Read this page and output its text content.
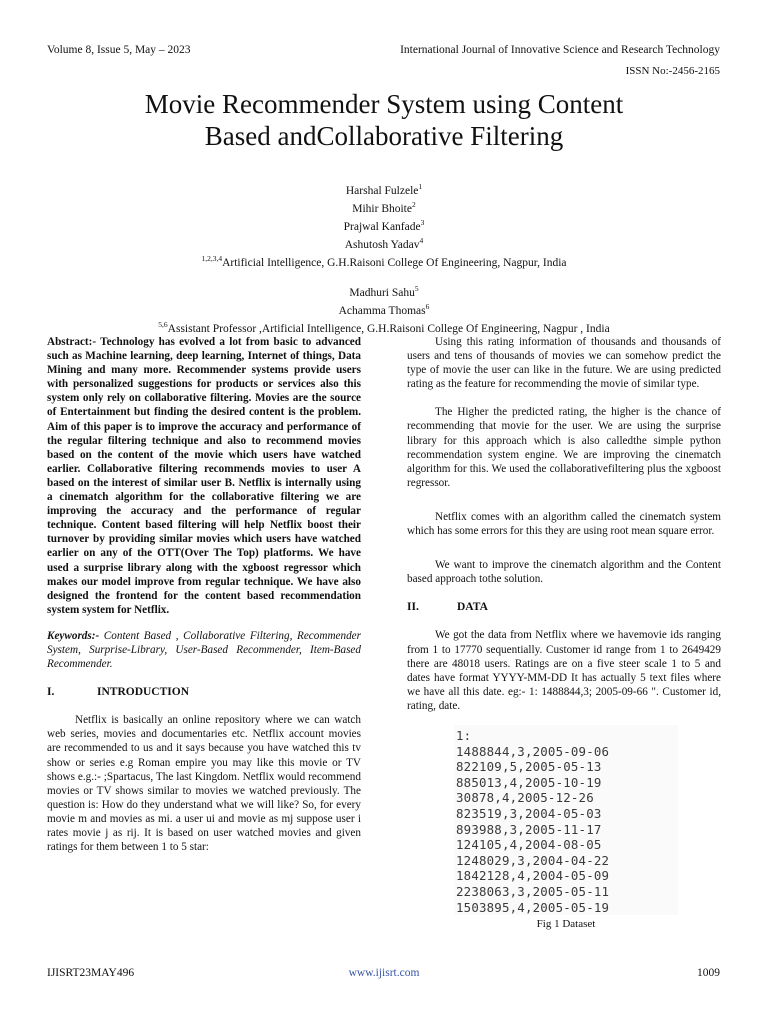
Volume 8, Issue 5, May – 2023	International Journal of Innovative Science and Research Technology
ISSN No:-2456-2165
Movie Recommender System using Content
Based andCollaborative Filtering
Harshal Fulzele$^1$
Mihir Bhoite$^2$
Prajwal Kanfade$^3$
Ashutosh Yadav$^4$
$^{1,2,3,4}$Artificial Intelligence, G.H.Raisoni College Of Engineering, Nagpur, India
Madhuri Sahu$^5$
Achamma Thomas$^6$
$^{5,6}$Assistant Professor ,Artificial Intelligence, G.H.Raisoni College Of Engineering, Nagpur , India

Abstract:- Technology has evolved a lot from basic to advanced such as Machine learning, deep learning, Internet of things, Data Mining and many more. Recommender systems provide users with personalized suggestions for products or services also this system only rely on collaborative filtering. Movies are the source of Entertainment but finding the desired content is the problem. Aim of this paper is to improve the accuracy and performance of the regular filtering technique and also to recommend movies based on the content of the movie which users have watched earlier. Collaborative filtering recommends movies to user A based on the interest of similar user B. Netflix is internally using a cinematch algorithm for the collaborative filtering we are improving the accuracy and the performance of regular technique. Content based filtering will help Netflix boost their turnover by providing similar movies which users have watched earlier on any of the OTT(Over The Top) platforms. We have used a surprise library along with the xgboost regressor which makes our model improve from regular technique. We have also designed the frontend for the content based recommendation system system for Netflix.

Keywords:- Content Based , Collaborative Filtering, Recommender System, Surprise-Library, User-Based Recommender, Item-Based Recommender.

I.	INTRODUCTION

Netflix is basically an online repository where we can watch web series, movies and documentaries etc. Netflix account movies are recommended to us and it says because you have watched this tv show or series e.g Roman empire you may like this movie or TV shows e.g.:- ;Spartacus, The last Kingdom. Netflix would recommend movies or TV shows similar to movies we watched previously. The question is: How do they understand what we will like? So, for every movie m and movies as mi. a user ui and movie as mj suppose user i rates movie j as rij. It is based on user watched movies and given ratings for them between 1 to 5 star:

Using this rating information of thousands and thousands of users and tens of thousands of movies we can somehow predict the type of movie the user can like in the future. We are using predicted rating as the feature for recommending the movie of similar type.

The Higher the predicted rating, the higher is the chance of recommending that movie for the user. We are using the surprise library for this approach which is also calledthe simple python recommendation system engine. We are improving the cinematch algorithm for this. We used the collaborativefiltering plus the xgboost regressor.

Netflix comes with an algorithm called the cinematch system which has some errors for this they are using root mean square error.

We want to improve the cinematch algorithm and the Content based approach tothe solution.

II.	DATA

We got the data from Netflix where we havemovie ids ranging from 1 to 17770 sequentially. Customer id range from 1 to 2649429 there are 48018 users. Ratings are on a five steer scale 1 to 5 and dates have format YYYY-MM-DD It has actually 5 text files where we have all this date. eg:- 1: 1488844,3; 2005-09-66 ". Customer id, rating, date.

1:
1488844,3,2005-09-06
822109,5,2005-05-13
885013,4,2005-10-19
30878,4,2005-12-26
823519,3,2004-05-03
893988,3,2005-11-17
124105,4,2004-08-05
1248029,3,2004-04-22
1842128,4,2004-05-09
2238063,3,2005-05-11
1503895,4,2005-05-19
Fig 1 Dataset
IJISRT23MAY496	www.ijisrt.com	1009
